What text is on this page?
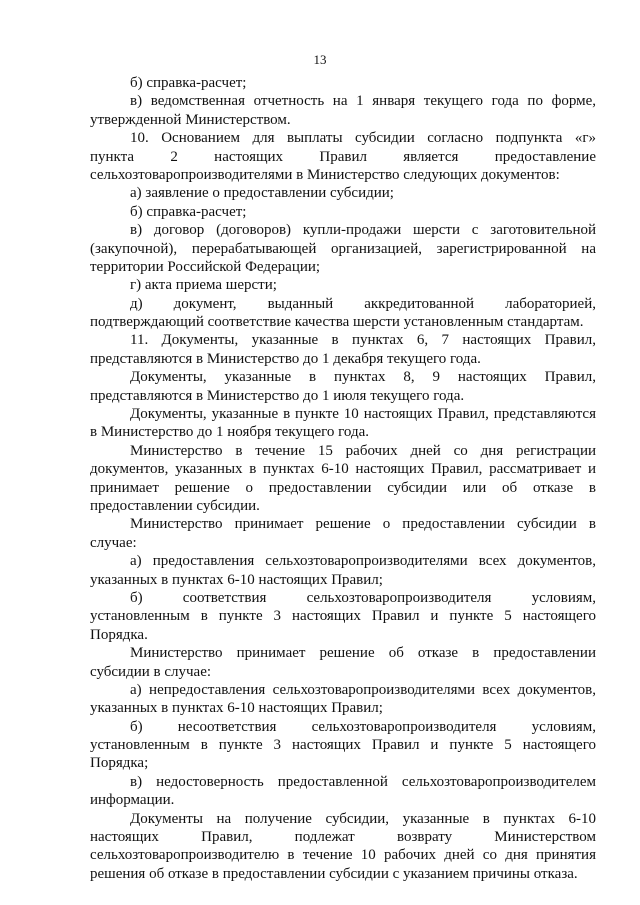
13
б) справка-расчет;
в) ведомственная отчетность на 1 января текущего года по форме,
утвержденной Министерством.
10. Основанием для выплаты субсидии согласно подпункта «г»
пункта 2 настоящих Правил является предоставление
сельхозтоваропроизводителями в Министерство следующих документов:
а) заявление о предоставлении субсидии;
б) справка-расчет;
в) договор (договоров) купли-продажи шерсти с заготовительной
(закупочной), перерабатывающей организацией, зарегистрированной на
территории Российской Федерации;
г) акта приема шерсти;
д) документ, выданный аккредитованной лабораторией,
подтверждающий соответствие качества шерсти установленным стандартам.
11. Документы, указанные в пунктах 6, 7 настоящих Правил,
представляются в Министерство до 1 декабря текущего года.
Документы, указанные в пунктах 8, 9 настоящих Правил,
представляются в Министерство до 1 июля текущего года.
Документы, указанные в пункте 10 настоящих Правил, представляются
в Министерство до 1 ноября текущего года.
Министерство в течение 15 рабочих дней со дня регистрации
документов, указанных в пунктах 6-10 настоящих Правил, рассматривает и
принимает решение о предоставлении субсидии или об отказе в
предоставлении субсидии.
Министерство принимает решение о предоставлении субсидии в
случае:
а) предоставления сельхозтоваропроизводителями всех документов,
указанных в пунктах 6-10 настоящих Правил;
б) соответствия сельхозтоваропроизводителя условиям,
установленным в пункте 3 настоящих Правил и пункте 5 настоящего
Порядка.
Министерство принимает решение об отказе в предоставлении
субсидии в случае:
а) непредоставления сельхозтоваропроизводителями всех документов,
указанных в пунктах 6-10 настоящих Правил;
б) несоответствия сельхозтоваропроизводителя условиям,
установленным в пункте 3 настоящих Правил и пункте 5 настоящего
Порядка;
в) недостоверность предоставленной сельхозтоваропроизводителем
информации.
Документы на получение субсидии, указанные в пунктах 6-10
настоящих Правил, подлежат возврату Министерством
сельхозтоваропроизводителю в течение 10 рабочих дней со дня принятия
решения об отказе в предоставлении субсидии с указанием причины отказа.
